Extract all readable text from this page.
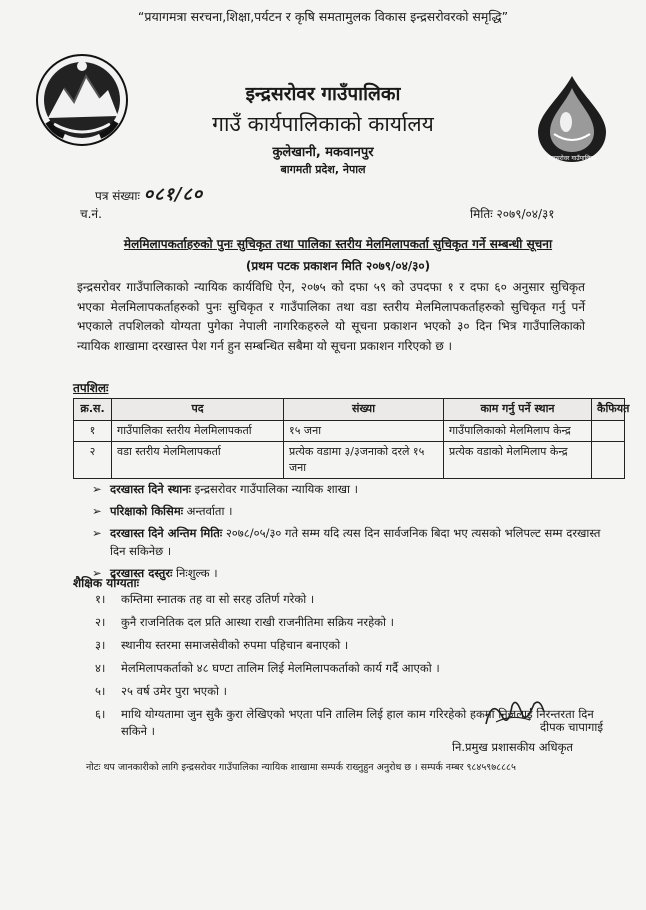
“प्रयागमत्रा सरचना,शिक्षा,पर्यटन र कृषि समतामुलक विकास इन्द्रसरोवरको समृद्धि”
इन्द्रसरोवर गाउँपालिका
इन्द्रसरोवर गाउँपालिका
गाउँ कार्यपालिकाको कार्यालय
कुलेखानी, मकवानपुर
बागमती प्रदेश, नेपाल
पत्र संख्याः ०८१/८०
च.नं.	मितिः २०७९/०४/३१
मेलमिलापकर्ताहरुको पुनः सुचिकृत तथा पालिका स्तरीय मेलमिलापकर्ता सुचिकृत गर्ने सम्बन्धी सूचना
(प्रथम पटक प्रकाशन मिति २०७९/०४/३०)
इन्द्रसरोवर गाउँपालिकाको न्यायिक कार्यविधि ऐन, २०७५ को दफा ५९ को उपदफा १ र दफा ६० अनुसार सुचिकृत भएका मेलमिलापकर्ताहरुको पुनः सुचिकृत र गाउँपालिका तथा वडा स्तरीय मेलमिलापकर्ताहरुको सुचिकृत गर्नु पर्ने भएकाले तपशिलको योग्यता पुगेका नेपाली नागरिकहरुले यो सूचना प्रकाशन भएको ३० दिन भित्र गाउँपालिकाको न्यायिक शाखामा दरखास्त पेश गर्न हुन सम्बन्धित सबैमा यो सूचना प्रकाशन गरिएको छ ।
तपशिलः
क्र.स.	पद	संख्या	काम गर्नु पर्ने स्थान	कैफियत
१	गाउँपालिका स्तरीय मेलमिलापकर्ता	१५ जना	गाउँपालिकाको मेलमिलाप केन्द्र	
२	वडा स्तरीय मेलमिलापकर्ता	प्रत्येक वडामा ३/३जनाको दरले १५ जना	प्रत्येक वडाको मेलमिलाप केन्द्र	
➢ दरखास्त दिने स्थानः इन्द्रसरोवर गाउँपालिका न्यायिक शाखा ।
➢ परिक्षाको किसिमः अन्तर्वाता ।
➢ दरखास्त दिने अन्तिम मितिः २०७८/०५/३० गते सम्म यदि त्यस दिन सार्वजनिक बिदा भए त्यसको भलिपल्ट सम्म दरखास्त दिन सकिनेछ ।
➢ दरखास्त दस्तुरः निःशुल्क ।
शैक्षिक योग्यताः
१। कम्तिमा स्नातक तह वा सो सरह उतिर्ण गरेको ।
२। कुनै राजनितिक दल प्रति आस्था राखी राजनीतिमा सक्रिय नरहेको ।
३। स्थानीय स्तरमा समाजसेवीको रुपमा पहिचान बनाएको ।
४। मेलमिलापकर्ताको ४८ घण्टा तालिम लिई मेलमिलापकर्ताको कार्य गर्दै आएको ।
५। २५ वर्ष उमेर पुरा भएको ।
६। माथि योग्यतामा जुन सुकै कुरा लेखिएको भएता पनि तालिम लिई हाल काम गरिरहेको हकमा निजलाई निरन्तरता दिन सकिने ।	दीपक चापागाई
नि.प्रमुख प्रशासकीय अधिकृत
नोटः थप जानकारीको लागि इन्द्रसरोवर गाउँपालिका न्यायिक शाखामा सम्पर्क राख्नुहुन अनुरोध छ । सम्पर्क नम्बर ९८४५९७८८८५
